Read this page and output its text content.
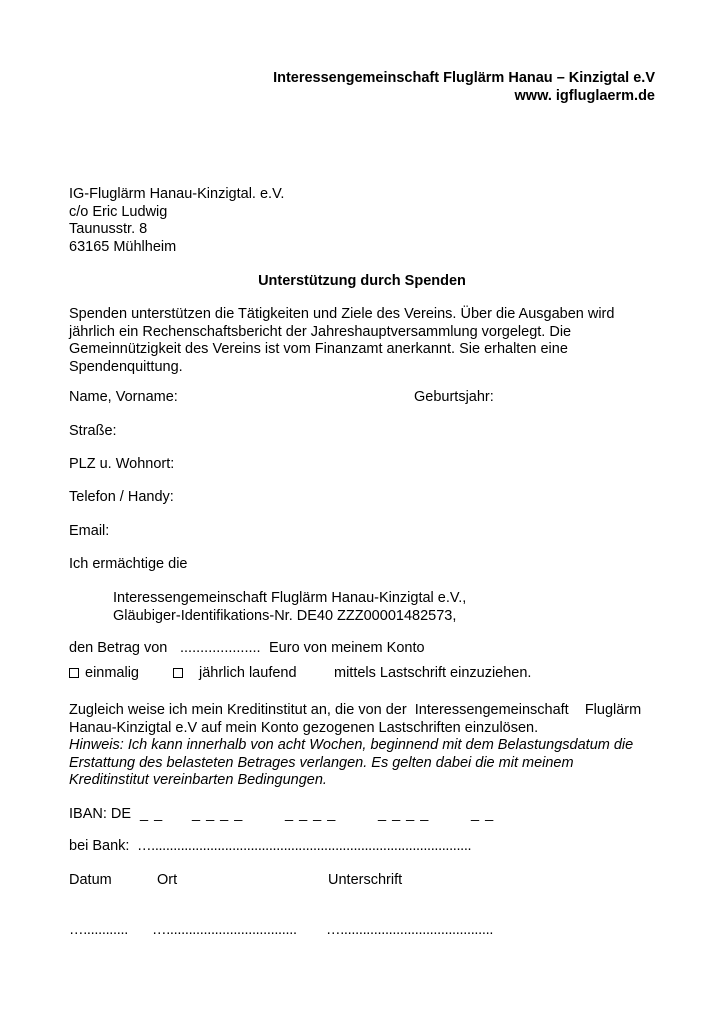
Interessengemeinschaft Fluglärm Hanau – Kinzigtal e.V
www. igfluglaerm.de
IG-Fluglärm Hanau-Kinzigtal. e.V.
c/o Eric Ludwig
Taunusstr. 8
63165 Mühlheim
Unterstützung durch Spenden
Spenden unterstützen die Tätigkeiten und Ziele des Vereins. Über die Ausgaben wird
jährlich ein Rechenschaftsbericht der Jahreshauptversammlung vorgelegt. Die
Gemeinnützigkeit des Vereins ist vom Finanzamt anerkannt. Sie erhalten eine
Spendenquittung.
Name, Vorname:	Geburtsjahr:
Straße:
PLZ u. Wohnort:
Telefon / Handy:
Email:
Ich ermächtige die
Interessengemeinschaft Fluglärm Hanau-Kinzigtal e.V.,
Gläubiger-Identifikations-Nr. DE40 ZZZ00001482573,
den Betrag von .................... Euro von meinem Konto
einmalig	jährlich laufend	mittels Lastschrift einzuziehen.
Zugleich weise ich mein Kreditinstitut an, die von der  Interessengemeinschaft    Fluglärm
Hanau-Kinzigtal e.V auf mein Konto gezogenen Lastschriften einzulösen.
Hinweis: Ich kann innerhalb von acht Wochen, beginnend mit dem Belastungsdatum die
Erstattung des belasteten Betrages verlangen. Es gelten dabei die mit meinem
Kreditinstitut vereinbarten Bedingungen.
IBAN: DE _ _ _ _ _ _	_ _ _ _	_ _ _ _	_ _
bei Bank: ….......................................................................................
Datum	Ort	Unterschrift
…............ …................................... ….........................................
